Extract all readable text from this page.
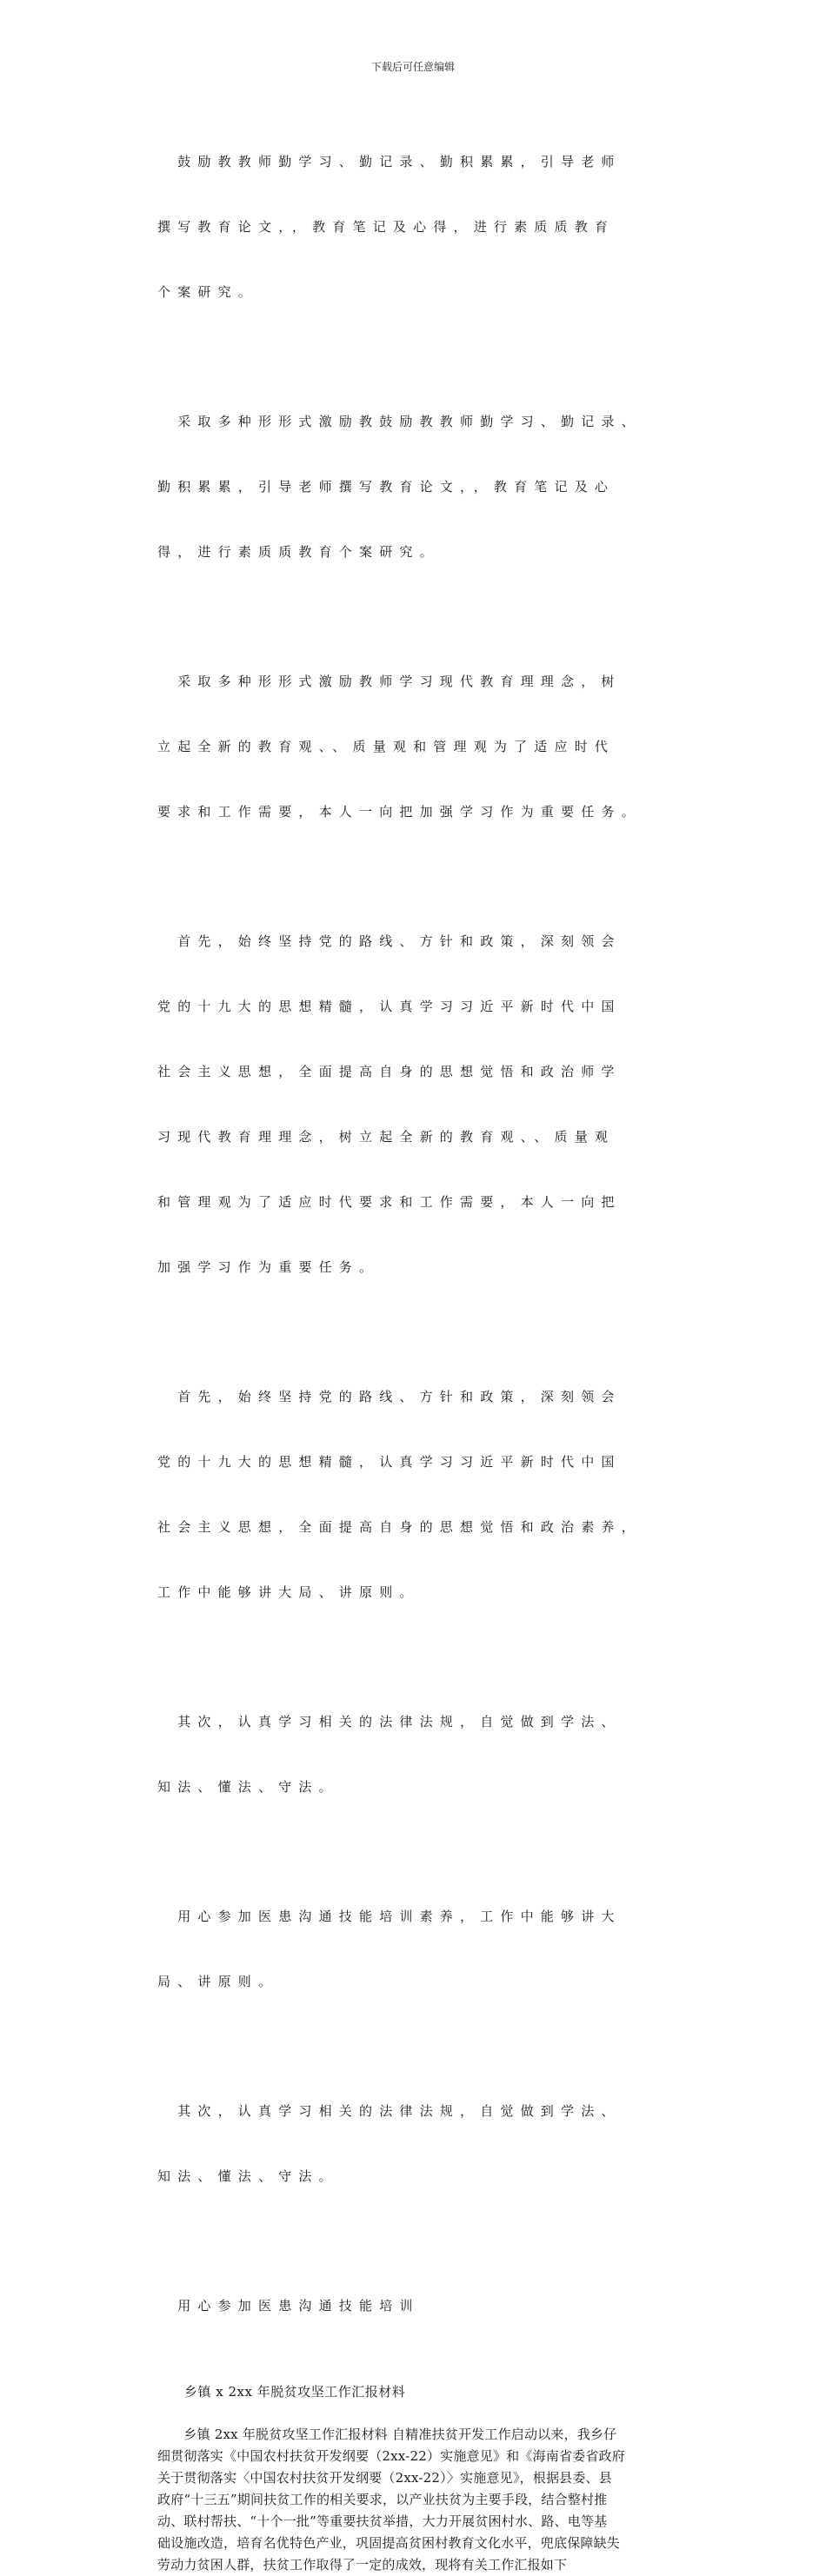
下载后可任意编辑

　鼓励教教师勤学习、勤记录、勤积累累，引导老师

撰写教育论文，，教育笔记及心得，进行素质质教育

个案研究。

　采取多种形形式激励教鼓励教教师勤学习、勤记录、

勤积累累，引导老师撰写教育论文，，教育笔记及心

得，进行素质质教育个案研究。

　采取多种形形式激励教师学习现代教育理理念，树

立起全新的教育观、、质量观和管理观为了适应时代

要求和工作需要，本人一向把加强学习作为重要任务。

　首先，始终坚持党的路线、方针和政策，深刻领会

党的十九大的思想精髓，认真学习习近平新时代中国

社会主义思想，全面提高自身的思想觉悟和政治师学

习现代教育理理念，树立起全新的教育观、、质量观

和管理观为了适应时代要求和工作需要，本人一向把

加强学习作为重要任务。

　首先，始终坚持党的路线、方针和政策，深刻领会

党的十九大的思想精髓，认真学习习近平新时代中国

社会主义思想，全面提高自身的思想觉悟和政治素养，

工作中能够讲大局、讲原则。

　其次，认真学习相关的法律法规，自觉做到学法、

知法、懂法、守法。

　用心参加医患沟通技能培训素养，工作中能够讲大

局、讲原则。

　其次，认真学习相关的法律法规，自觉做到学法、

知法、懂法、守法。

　用心参加医患沟通技能培训

　　乡镇 x 2xx 年脱贫攻坚工作汇报材料
　　乡镇 2xx 年脱贫攻坚工作汇报材料 自精准扶贫开发工作启动以来，我乡仔
细贯彻落实《中国农村扶贫开发纲要（2xx-22）实施意见》和《海南省委省政府
关于贯彻落实〈中国农村扶贫开发纲要（2xx-22）〉实施意见》，根据县委、县
政府“十三五”期间扶贫工作的相关要求，以产业扶贫为主要手段，结合整村推
动、联村帮扶、“十个一批”等重要扶贫举措，大力开展贫困村水、路、电等基
础设施改造，培育名优特色产业，巩固提高贫困村教育文化水平，兜底保障缺失
劳动力贫困人群，扶贫工作取得了一定的成效，现将有关工作汇报如下
